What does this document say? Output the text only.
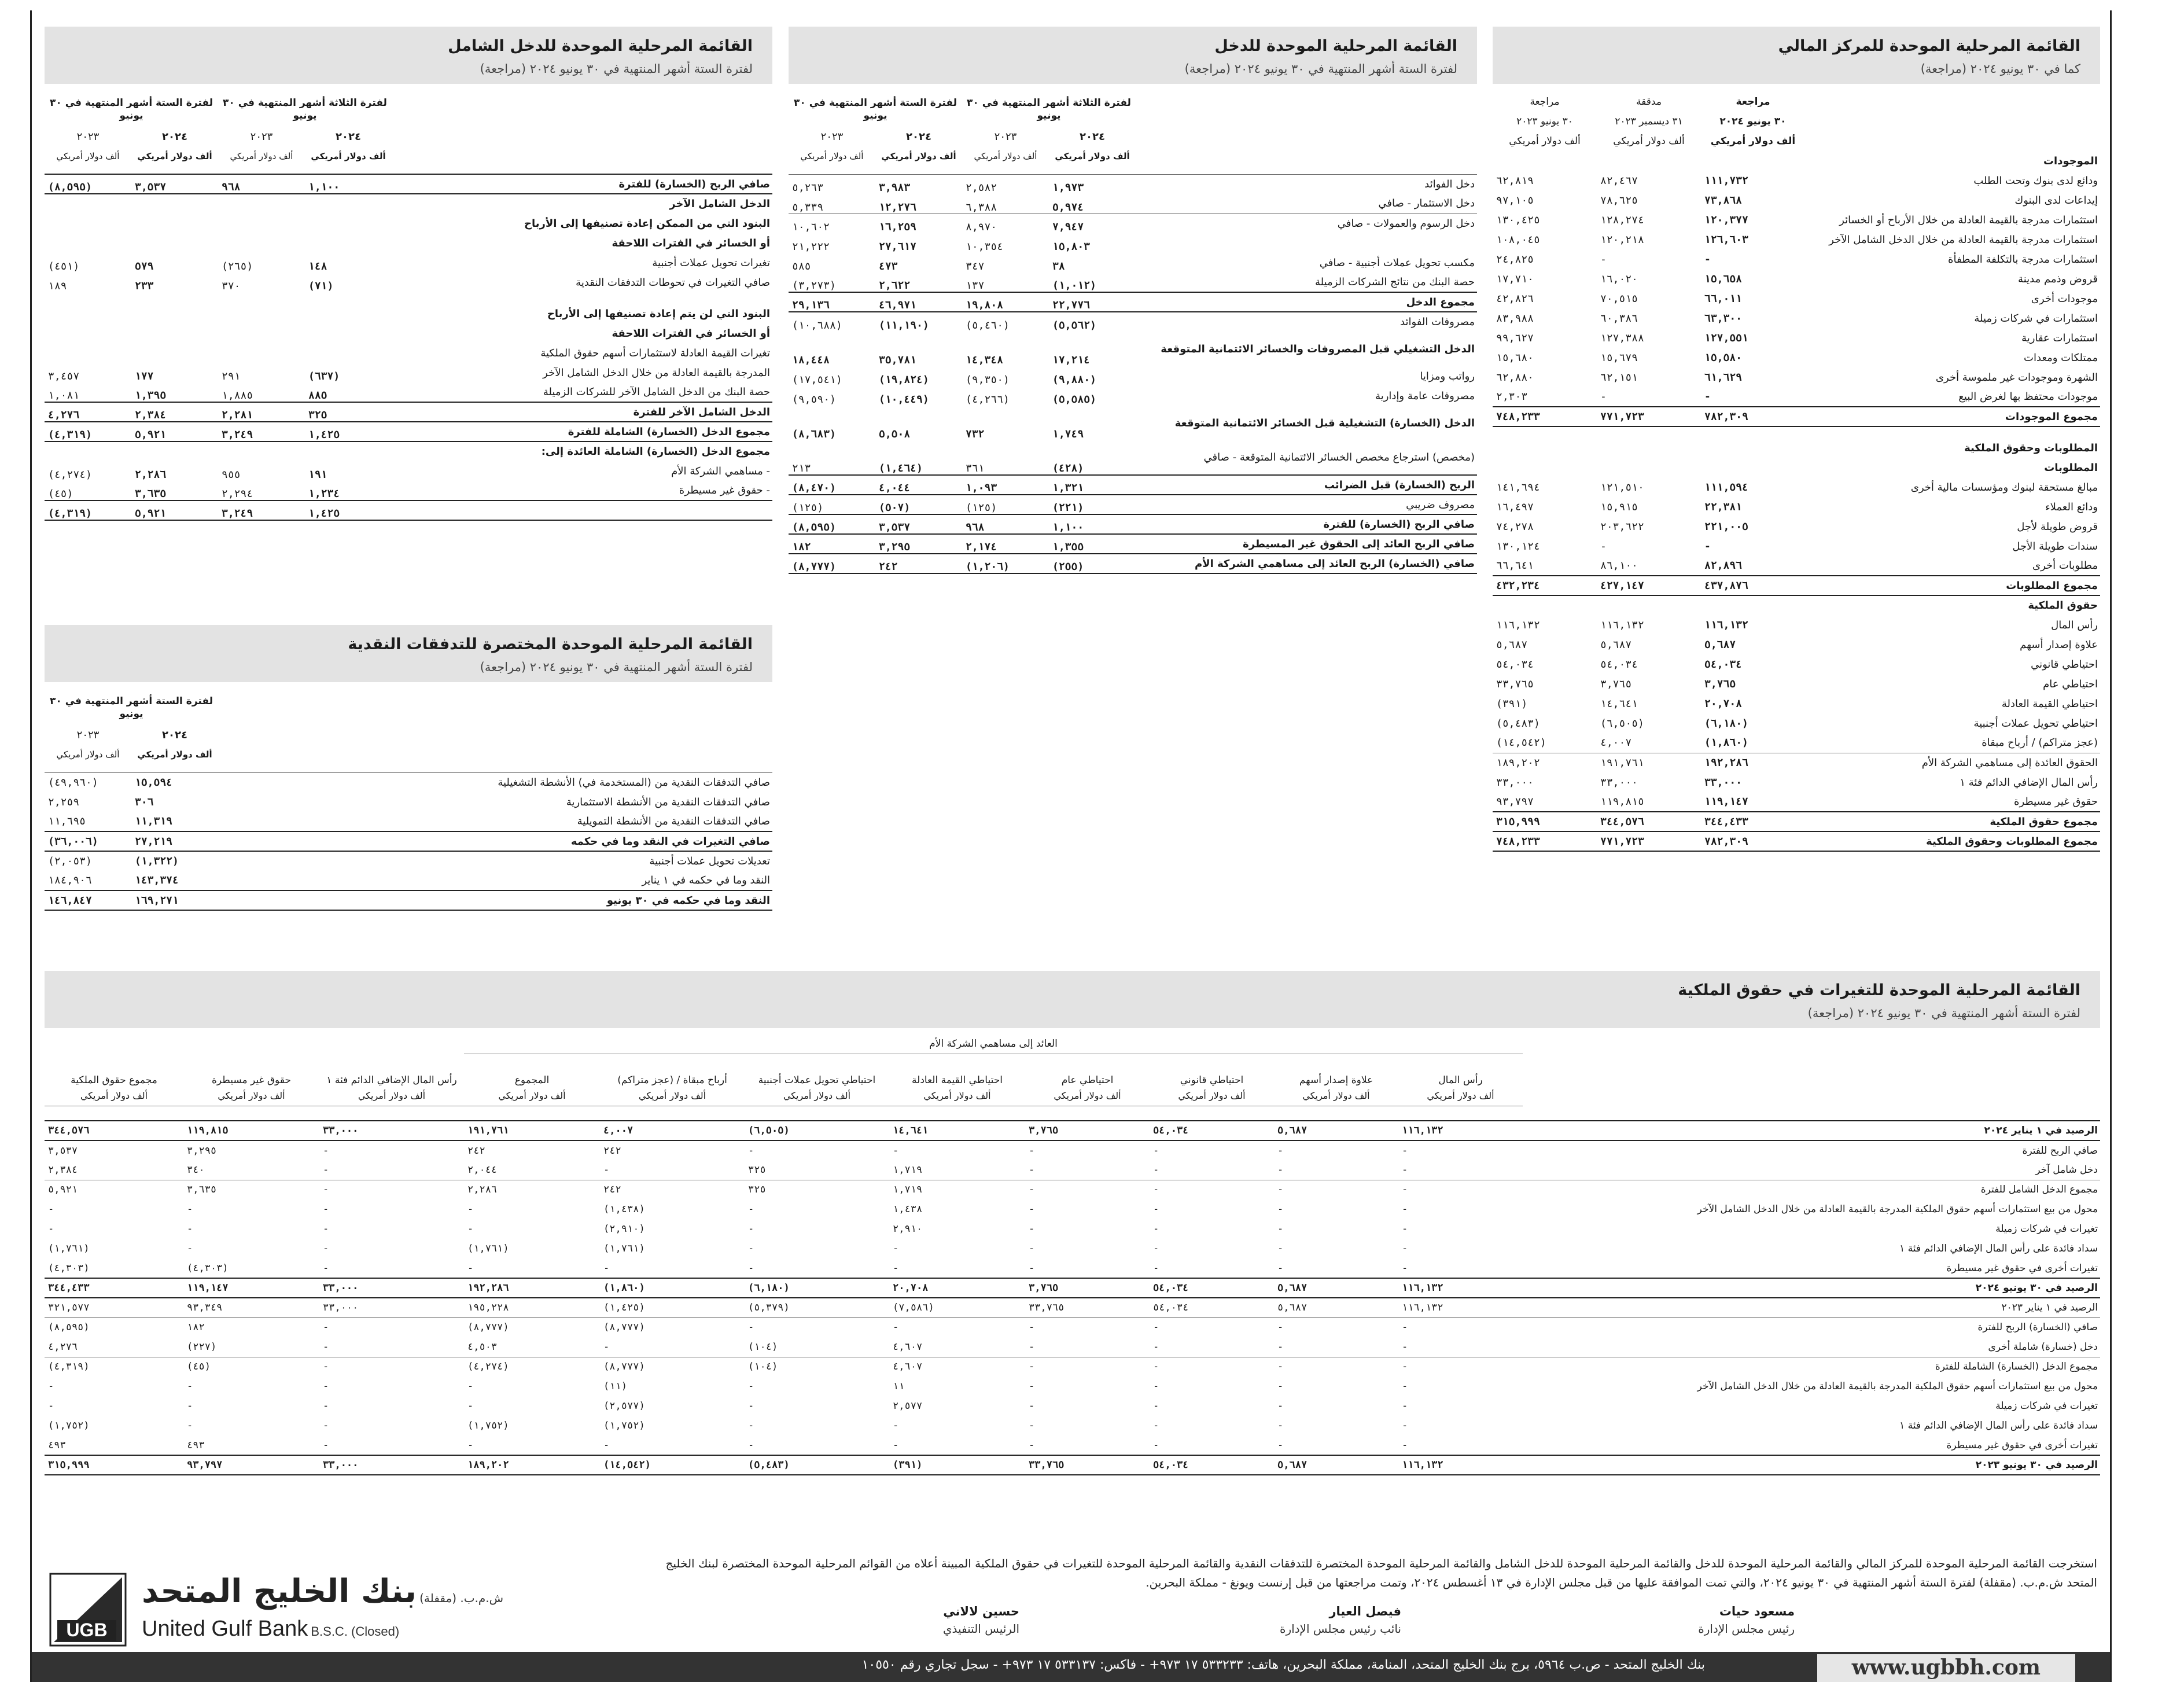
القائمة المرحلية الموحدة للمركز المالي
كما في ٣٠ يونيو ٢٠٢٤ (مراجعة)
	مراجعة	مدققة	مراجعة
	٣٠ يونيو ٢٠٢٤	٣١ ديسمبر ٢٠٢٣	٣٠ يونيو ٢٠٢٣
	ألف دولار أمريكي	ألف دولار أمريكي	ألف دولار أمريكي
الموجودات			
ودائع لدى بنوك وتحت الطلب	١١١,٧٣٢	٨٢,٤٦٧	٦٢,٨١٩
إيداعات لدى البنوك	٧٣,٨٦٨	٧٨,٦٢٥	٩٧,١٠٥
استثمارات مدرجة بالقيمة العادلة من خلال الأرباح أو الخسائر	١٢٠,٣٧٧	١٢٨,٢٧٤	١٣٠,٤٢٥
استثمارات مدرجة بالقيمة العادلة من خلال الدخل الشامل الآخر	١٢٦,٦٠٣	١٢٠,٢١٨	١٠٨,٠٤٥
استثمارات مدرجة بالتكلفة المطفأة	-	-	٢٤,٨٢٥
قروض وذمم مدينة	١٥,٦٥٨	١٦,٠٢٠	١٧,٧١٠
موجودات أخرى	٦٦,٠١١	٧٠,٥١٥	٤٢,٨٢٦
استثمارات في شركات زميلة	٦٣,٣٠٠	٦٠,٣٨٦	٨٣,٩٨٨
استثمارات عقارية	١٢٧,٥٥١	١٢٧,٣٨٨	٩٩,٦٢٧
ممتلكات ومعدات	١٥,٥٨٠	١٥,٦٧٩	١٥,٦٨٠
الشهرة وموجودات غير ملموسة أخرى	٦١,٦٢٩	٦٢,١٥١	٦٢,٨٨٠
موجودات محتفظ بها لغرض البيع	-	-	٢,٣٠٣
مجموع الموجودات	٧٨٢,٣٠٩	٧٧١,٧٢٣	٧٤٨,٢٣٣

المطلوبات وحقوق الملكية			
المطلوبات			
مبالغ مستحقة لبنوك ومؤسسات مالية أخرى	١١١,٥٩٤	١٢١,٥١٠	١٤١,٦٩٤
ودائع العملاء	٢٢,٣٨١	١٥,٩١٥	١٦,٤٩٧
قروض طويلة لأجل	٢٢١,٠٠٥	٢٠٣,٦٢٢	٧٤,٢٧٨
سندات طويلة الأجل	-	-	١٣٠,١٢٤
مطلوبات أخرى	٨٢,٨٩٦	٨٦,١٠٠	٦٦,٦٤١
مجموع المطلوبات	٤٣٧,٨٧٦	٤٢٧,١٤٧	٤٣٢,٢٣٤
حقوق الملكية			
رأس المال	١١٦,١٣٢	١١٦,١٣٢	١١٦,١٣٢
علاوة إصدار أسهم	٥,٦٨٧	٥,٦٨٧	٥,٦٨٧
احتياطي قانوني	٥٤,٠٣٤	٥٤,٠٣٤	٥٤,٠٣٤
احتياطي عام	٣,٧٦٥	٣,٧٦٥	٣٣,٧٦٥
احتياطي القيمة العادلة	٢٠,٧٠٨	١٤,٦٤١	(٣٩١)
احتياطي تحويل عملات أجنبية	(٦,١٨٠)	(٦,٥٠٥)	(٥,٤٨٣)
(عجز متراكم) / أرباح مبقاة	(١,٨٦٠)	٤,٠٠٧	(١٤,٥٤٢)
الحقوق العائدة إلى مساهمي الشركة الأم	١٩٢,٢٨٦	١٩١,٧٦١	١٨٩,٢٠٢
رأس المال الإضافي الدائم فئة ١	٣٣,٠٠٠	٣٣,٠٠٠	٣٣,٠٠٠
حقوق غير مسيطرة	١١٩,١٤٧	١١٩,٨١٥	٩٣,٧٩٧
مجموع حقوق الملكية	٣٤٤,٤٣٣	٣٤٤,٥٧٦	٣١٥,٩٩٩
مجموع المطلوبات وحقوق الملكية	٧٨٢,٣٠٩	٧٧١,٧٢٣	٧٤٨,٢٣٣
القائمة المرحلية الموحدة للدخل
لفترة الستة أشهر المنتهية في ٣٠ يونيو ٢٠٢٤ (مراجعة)
	لفترة الثلاثة أشهر المنتهية في ٣٠ يونيو		لفترة الستة أشهر المنتهية في ٣٠ يونيو	
	٢٠٢٤	٢٠٢٣	٢٠٢٤	٢٠٢٣
	ألف دولار أمريكي	ألف دولار أمريكي	ألف دولار أمريكي	ألف دولار أمريكي

دخل الفوائد	١,٩٧٣	٢,٥٨٢	٣,٩٨٣	٥,٢٦٣
دخل الاستثمار - صافي	٥,٩٧٤	٦,٣٨٨	١٢,٢٧٦	٥,٣٣٩
دخل الرسوم والعمولات - صافي	٧,٩٤٧	٨,٩٧٠	١٦,٢٥٩	١٠,٦٠٢
	١٥,٨٠٣	١٠,٣٥٤	٢٧,٦١٧	٢١,٢٢٢
مكسب تحويل عملات أجنبية - صافي	٣٨	٣٤٧	٤٧٣	٥٨٥
حصة البنك من نتائج الشركات الزميلة	(١,٠١٢)	١٣٧	٢,٦٢٢	(٣,٢٧٣)
مجموع الدخل	٢٢,٧٧٦	١٩,٨٠٨	٤٦,٩٧١	٢٩,١٣٦
مصروفات الفوائد	(٥,٥٦٢)	(٥,٤٦٠)	(١١,١٩٠)	(١٠,٦٨٨)
الدخل التشغيلي قبل المصروفات والخسائر الائتمانية المتوقعة	١٧,٢١٤	١٤,٣٤٨	٣٥,٧٨١	١٨,٤٤٨
رواتب ومزايا	(٩,٨٨٠)	(٩,٣٥٠)	(١٩,٨٢٤)	(١٧,٥٤١)
مصروفات عامة وإدارية	(٥,٥٨٥)	(٤,٢٦٦)	(١٠,٤٤٩)	(٩,٥٩٠)
الدخل (الخسارة) التشغيلية قبل الخسائر الائتمانية المتوقعة	١,٧٤٩	٧٣٢	٥,٥٠٨	(٨,٦٨٣)
(مخصص) استرجاع مخصص الخسائر الائتمانية المتوقعة - صافي	(٤٢٨)	٣٦١	(١,٤٦٤)	٢١٣
الربح (الخسارة) قبل الضرائب	١,٣٢١	١,٠٩٣	٤,٠٤٤	(٨,٤٧٠)
مصروف ضريبي	(٢٢١)	(١٢٥)	(٥٠٧)	(١٢٥)
صافي الربح (الخسارة) للفترة	١,١٠٠	٩٦٨	٣,٥٣٧	(٨,٥٩٥)
صافي الربح العائد إلى الحقوق غير المسيطرة	١,٣٥٥	٢,١٧٤	٣,٢٩٥	١٨٢
صافي (الخسارة) الربح العائد إلى مساهمي الشركة الأم	(٢٥٥)	(١,٢٠٦)	٢٤٢	(٨,٧٧٧)
القائمة المرحلية الموحدة للدخل الشامل
لفترة الستة أشهر المنتهية في ٣٠ يونيو ٢٠٢٤ (مراجعة)
	لفترة الثلاثة أشهر المنتهية في ٣٠ يونيو		لفترة الستة أشهر المنتهية في ٣٠ يونيو	
	٢٠٢٤	٢٠٢٣	٢٠٢٤	٢٠٢٣
	ألف دولار أمريكي	ألف دولار أمريكي	ألف دولار أمريكي	ألف دولار أمريكي

صافي الربح (الخسارة) للفترة	١,١٠٠	٩٦٨	٣,٥٣٧	(٨,٥٩٥)
الدخل الشامل الآخر				
البنود التي من الممكن إعادة تصنيفها إلى الأرباح				
أو الخسائر في الفترات اللاحقة				
تغيرات تحويل عملات أجنبية	١٤٨	(٢٦٥)	٥٧٩	(٤٥١)
صافي التغيرات في تحوطات التدفقات النقدية	(٧١)	٣٧٠	٢٣٣	١٨٩

البنود التي لن يتم إعادة تصنيفها إلى الأرباح				
أو الخسائر في الفترات اللاحقة				
تغيرات القيمة العادلة لاستثمارات أسهم حقوق الملكية				
المدرجة بالقيمة العادلة من خلال الدخل الشامل الآخر	(٦٣٧)	٢٩١	١٧٧	٣,٤٥٧
حصة البنك من الدخل الشامل الآخر للشركات الزميلة	٨٨٥	١,٨٨٥	١,٣٩٥	١,٠٨١
الدخل الشامل الآخر للفترة	٣٢٥	٢,٢٨١	٢,٣٨٤	٤,٢٧٦
مجموع الدخل (الخسارة) الشاملة للفترة	١,٤٢٥	٣,٢٤٩	٥,٩٢١	(٤,٣١٩)
مجموع الدخل (الخسارة) الشاملة العائدة إلى:				
- مساهمي الشركة الأم	١٩١	٩٥٥	٢,٢٨٦	(٤,٢٧٤)
- حقوق غير مسيطرة	١,٢٣٤	٢,٢٩٤	٣,٦٣٥	(٤٥)
	١,٤٢٥	٣,٢٤٩	٥,٩٢١	(٤,٣١٩)
القائمة المرحلية الموحدة المختصرة للتدفقات النقدية
لفترة الستة أشهر المنتهية في ٣٠ يونيو ٢٠٢٤ (مراجعة)
	لفترة الستة أشهر المنتهية في ٣٠ يونيو	
	٢٠٢٤	٢٠٢٣
	ألف دولار أمريكي	ألف دولار أمريكي

صافي التدفقات النقدية من (المستخدمة في) الأنشطة التشغيلية	١٥,٥٩٤	(٤٩,٩٦٠)
صافي التدفقات النقدية من الأنشطة الاستثمارية	٣٠٦	٢,٢٥٩
صافي التدفقات النقدية من الأنشطة التمويلية	١١,٣١٩	١١,٦٩٥
صافي التغيرات في النقد وما في حكمه	٢٧,٢١٩	(٣٦,٠٠٦)
تعديلات تحويل عملات أجنبية	(١,٣٢٢)	(٢,٠٥٣)
النقد وما في حكمه في ١ يناير	١٤٣,٣٧٤	١٨٤,٩٠٦
النقد وما في حكمه في ٣٠ يونيو	١٦٩,٢٧١	١٤٦,٨٤٧
القائمة المرحلية الموحدة للتغيرات في حقوق الملكية
لفترة الستة أشهر المنتهية في ٣٠ يونيو ٢٠٢٤ (مراجعة)
	العائد إلى مساهمي الشركة الأم										
	رأس المال	علاوة إصدار أسهم	احتياطي قانوني	احتياطي عام	احتياطي القيمة العادلة	احتياطي تحويل عملات أجنبية	أرباح مبقاة / (عجز متراكم)	المجموع	رأس المال الإضافي الدائم فئة ١	حقوق غير مسيطرة	مجموع حقوق الملكية
	ألف دولار أمريكي	ألف دولار أمريكي	ألف دولار أمريكي	ألف دولار أمريكي	ألف دولار أمريكي	ألف دولار أمريكي	ألف دولار أمريكي	ألف دولار أمريكي	ألف دولار أمريكي	ألف دولار أمريكي	ألف دولار أمريكي

الرصيد في ١ يناير ٢٠٢٤	١١٦,١٣٢	٥,٦٨٧	٥٤,٠٣٤	٣,٧٦٥	١٤,٦٤١	(٦,٥٠٥)	٤,٠٠٧	١٩١,٧٦١	٣٣,٠٠٠	١١٩,٨١٥	٣٤٤,٥٧٦
صافي الربح للفترة	-	-	-	-	-	-	٢٤٢	٢٤٢	-	٣,٢٩٥	٣,٥٣٧
دخل شامل آخر	-	-	-	-	١,٧١٩	٣٢٥	-	٢,٠٤٤	-	٣٤٠	٢,٣٨٤
مجموع الدخل الشامل للفترة	-	-	-	-	١,٧١٩	٣٢٥	٢٤٢	٢,٢٨٦	-	٣,٦٣٥	٥,٩٢١
محول من بيع استثمارات أسهم حقوق الملكية المدرجة بالقيمة العادلة من خلال الدخل الشامل الآخر	-	-	-	-	١,٤٣٨	-	(١,٤٣٨)	-	-	-	-
تغيرات في شركات زميلة	-	-	-	-	٢,٩١٠	-	(٢,٩١٠)	-	-	-	-
سداد فائدة على رأس المال الإضافي الدائم فئة ١	-	-	-	-	-	-	(١,٧٦١)	(١,٧٦١)	-	-	(١,٧٦١)
تغيرات أخرى في حقوق غير مسيطرة	-	-	-	-	-	-	-	-	-	(٤,٣٠٣)	(٤,٣٠٣)
الرصيد في ٣٠ يونيو ٢٠٢٤	١١٦,١٣٢	٥,٦٨٧	٥٤,٠٣٤	٣,٧٦٥	٢٠,٧٠٨	(٦,١٨٠)	(١,٨٦٠)	١٩٢,٢٨٦	٣٣,٠٠٠	١١٩,١٤٧	٣٤٤,٤٣٣
الرصيد في ١ يناير ٢٠٢٣	١١٦,١٣٢	٥,٦٨٧	٥٤,٠٣٤	٣٣,٧٦٥	(٧,٥٨٦)	(٥,٣٧٩)	(١,٤٢٥)	١٩٥,٢٢٨	٣٣,٠٠٠	٩٣,٣٤٩	٣٢١,٥٧٧
صافي (الخسارة) الربح للفترة	-	-	-	-	-	-	(٨,٧٧٧)	(٨,٧٧٧)	-	١٨٢	(٨,٥٩٥)
دخل (خسارة) شاملة أخرى	-	-	-	-	٤,٦٠٧	(١٠٤)	-	٤,٥٠٣	-	(٢٢٧)	٤,٢٧٦
مجموع الدخل (الخسارة) الشاملة للفترة	-	-	-	-	٤,٦٠٧	(١٠٤)	(٨,٧٧٧)	(٤,٢٧٤)	-	(٤٥)	(٤,٣١٩)
محول من بيع استثمارات أسهم حقوق الملكية المدرجة بالقيمة العادلة من خلال الدخل الشامل الآخر	-	-	-	-	١١	-	(١١)	-	-	-	-
تغيرات في شركات زميلة	-	-	-	-	٢,٥٧٧	-	(٢,٥٧٧)	-	-	-	-
سداد فائدة على رأس المال الإضافي الدائم فئة ١	-	-	-	-	-	-	(١,٧٥٢)	(١,٧٥٢)	-	-	(١,٧٥٢)
تغيرات أخرى في حقوق غير مسيطرة	-	-	-	-	-	-	-	-	-	٤٩٣	٤٩٣
الرصيد في ٣٠ يونيو ٢٠٢٣	١١٦,١٣٢	٥,٦٨٧	٥٤,٠٣٤	٣٣,٧٦٥	(٣٩١)	(٥,٤٨٣)	(١٤,٥٤٢)	١٨٩,٢٠٢	٣٣,٠٠٠	٩٣,٧٩٧	٣١٥,٩٩٩
استخرجت القائمة المرحلية الموحدة للمركز المالي والقائمة المرحلية الموحدة للدخل والقائمة المرحلية الموحدة للدخل الشامل والقائمة المرحلية الموحدة المختصرة للتدفقات النقدية والقائمة المرحلية الموحدة للتغيرات في حقوق الملكية المبينة أعلاه من القوائم المرحلية الموحدة المختصرة لبنك الخليج المتحد ش.م.ب. (مقفلة) لفترة الستة أشهر المنتهية في ٣٠ يونيو ٢٠٢٤، والتي تمت الموافقة عليها من قبل مجلس الإدارة في ١٣ أغسطس ٢٠٢٤، وتمت مراجعتها من قبل إرنست ويونغ - مملكة البحرين.
مسعود حيات
رئيس مجلس الإدارة
فيصل العيار
نائب رئيس مجلس الإدارة
حسين لالاني
الرئيس التنفيذي
UGB
ش.م.ب. (مقفلة) بنك الخليج المتحد
United Gulf Bank B.S.C. (Closed)
بنك الخليج المتحد - ص.ب ٥٩٦٤، برج بنك الخليج المتحد، المنامة، مملكة البحرين، هاتف: ٥٣٣٢٣٣ ١٧ ٩٧٣+ - فاكس: ٥٣٣١٣٧ ١٧ ٩٧٣+ - سجل تجاري رقم ١٠٥٥٠	www.ugbbh.com
